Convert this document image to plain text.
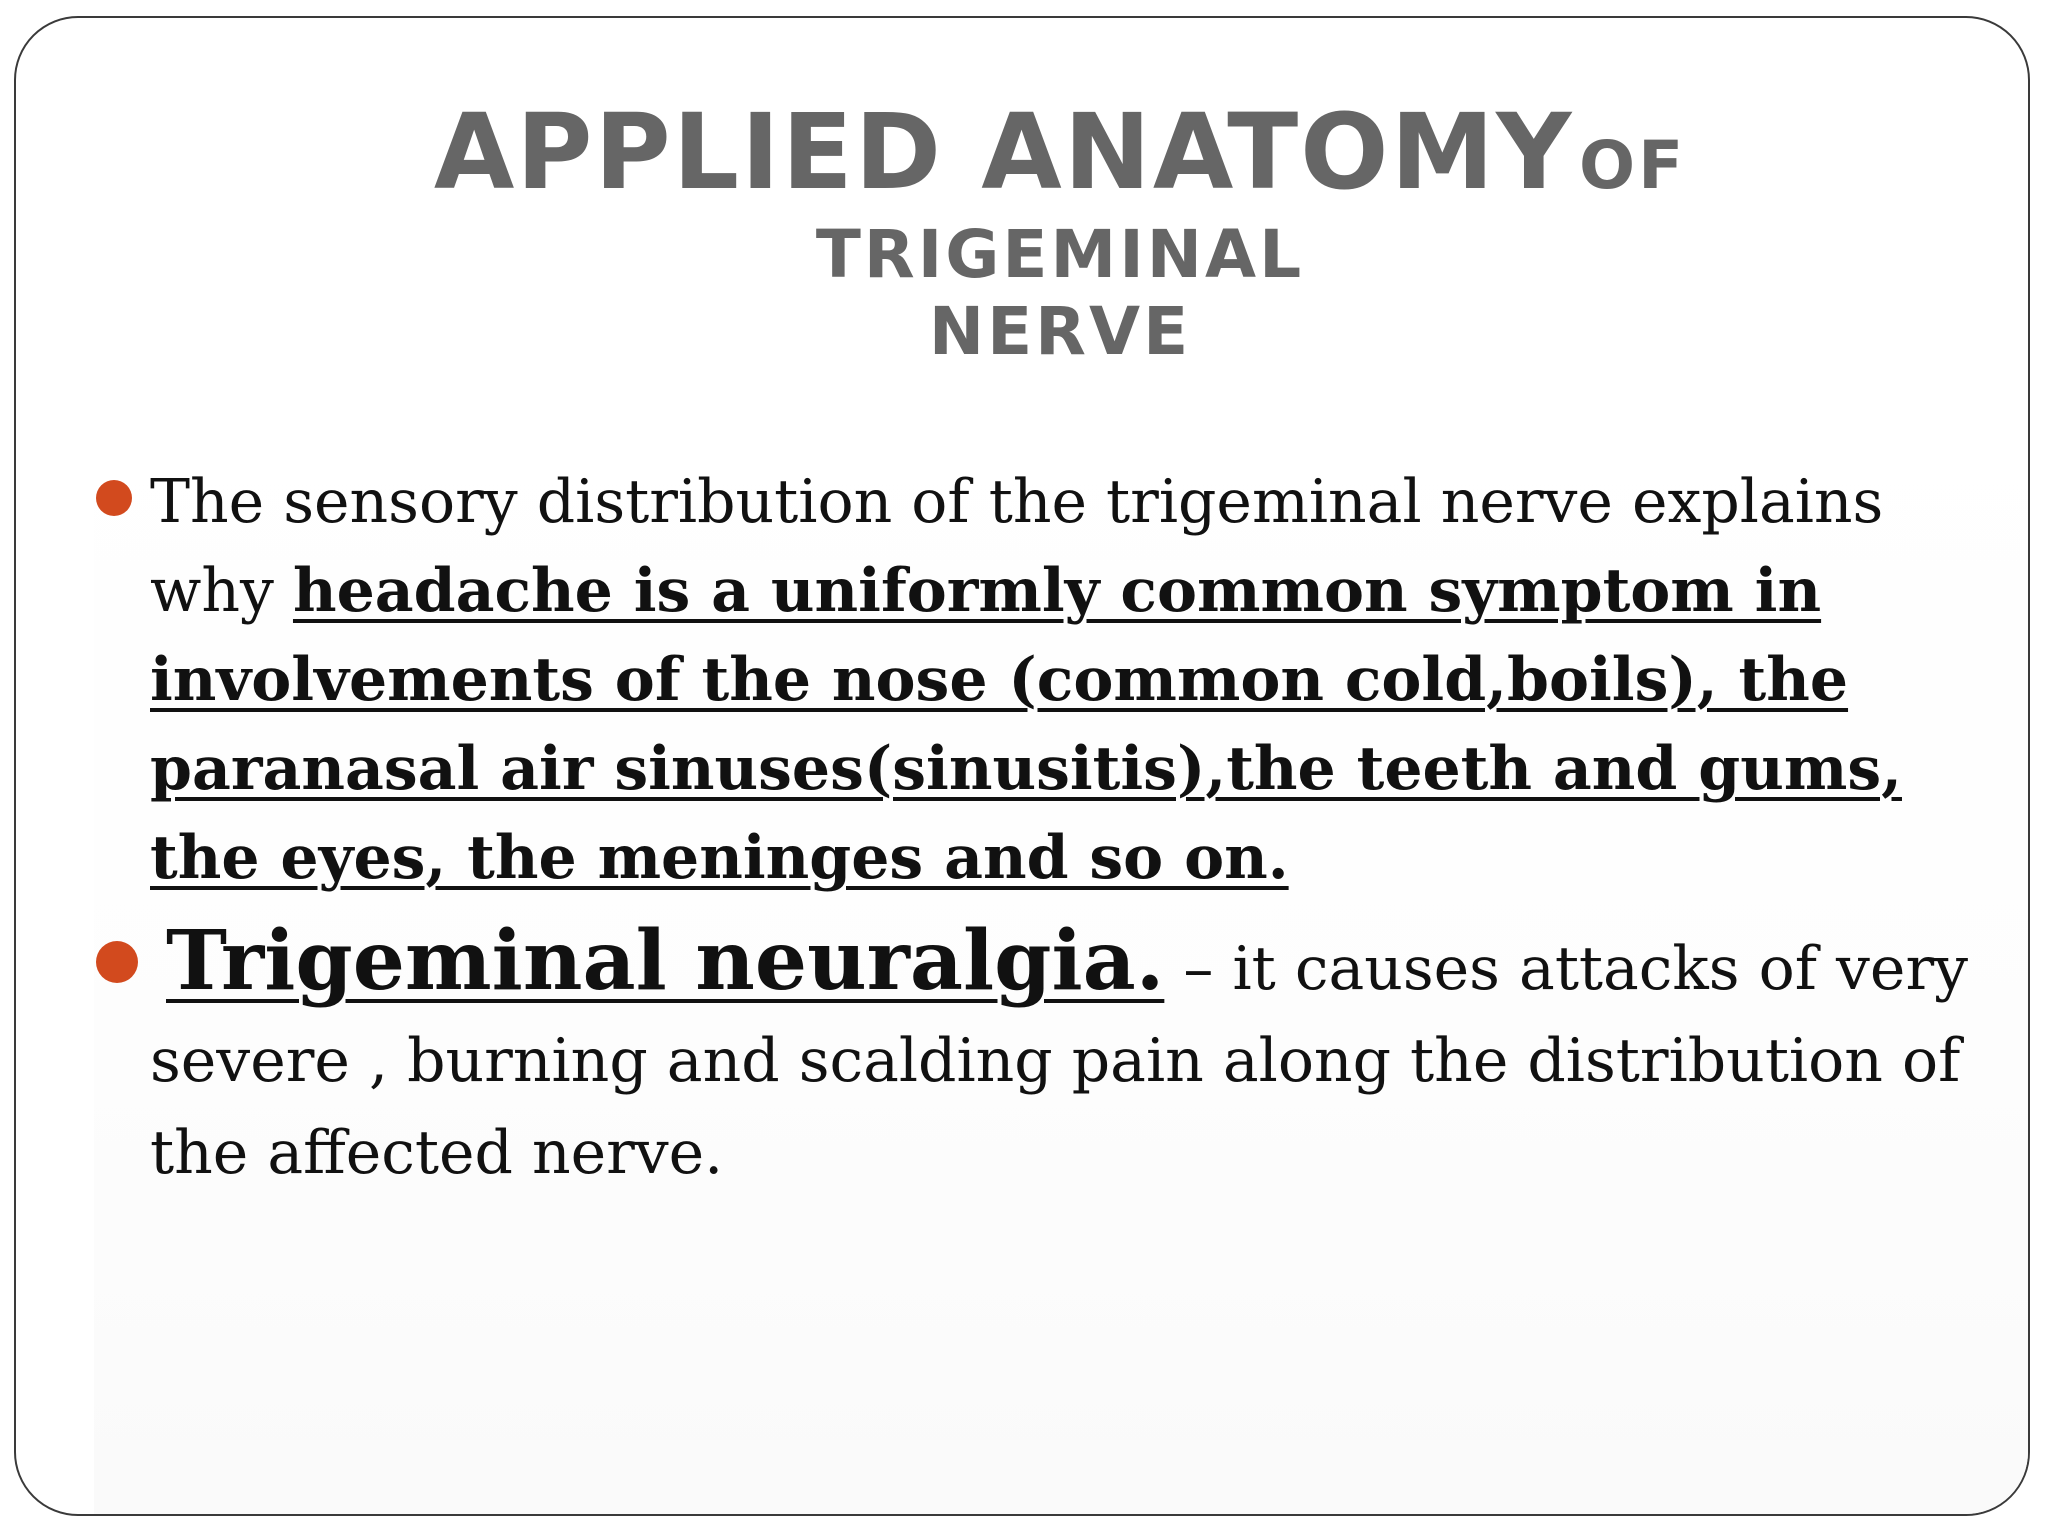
APPLIED ANATOMY OF TRIGEMINAL
NERVE
The sensory distribution of the trigeminal nerve explains why headache is a uniformly common symptom in involvements of the nose (common cold,boils), the paranasal air sinuses(sinusitis),the teeth and gums, the eyes, the meninges and so on.
Trigeminal neuralgia. – it causes attacks of very severe , burning and scalding pain along the distribution of the affected nerve.
